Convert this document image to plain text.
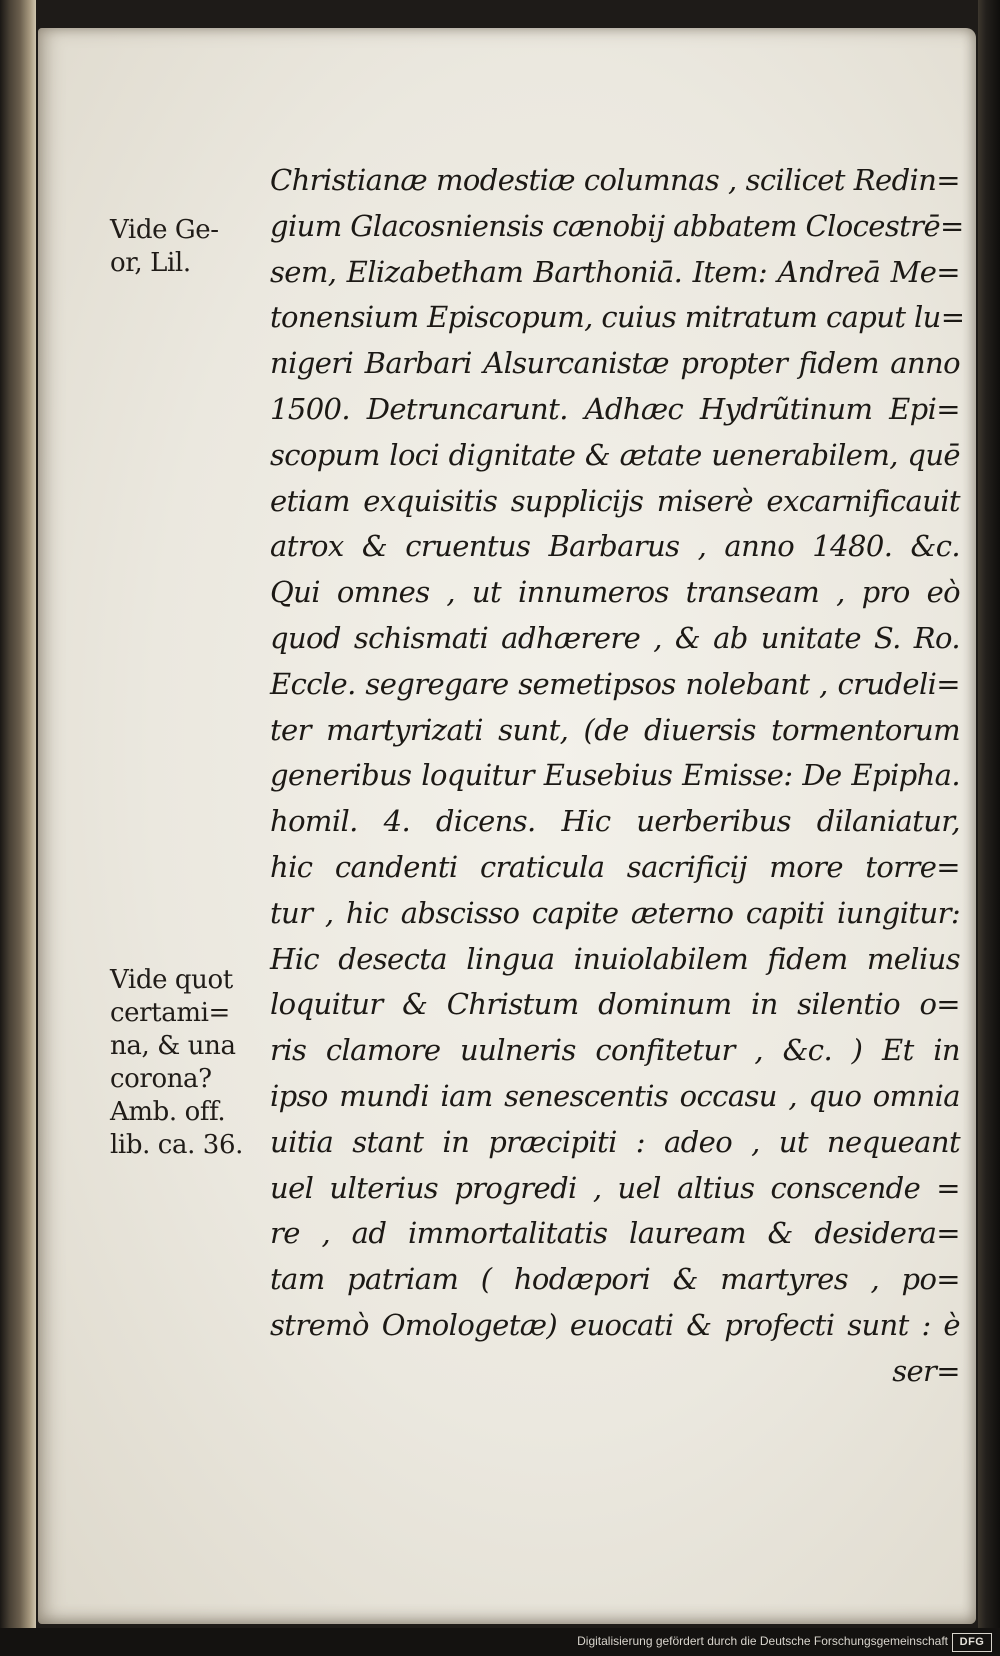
Christianæ modestiæ columnas , scilicet Redin=
gium Glacosniensis cænobij abbatem Clocestrē=
sem, Elizabetham Barthoniā. Item: Andreā Me=
tonensium Episcopum, cuius mitratum caput lu=
nigeri Barbari Alsurcanistæ propter fidem anno
1500. Detruncarunt. Adhæc Hydrũtinum Epi=
scopum loci dignitate & ætate uenerabilem, quē
etiam exquisitis supplicijs miserè excarnificauit
atrox & cruentus Barbarus , anno 1480. &c.
Qui omnes , ut innumeros transeam , pro eò
quod schismati adhærere , & ab unitate S. Ro.
Eccle. segregare semetipsos nolebant , crudeli=
ter martyrizati sunt, (de diuersis tormentorum
generibus loquitur Eusebius Emisse: De Epipha.
homil. 4. dicens. Hic uerberibus dilaniatur,
hic candenti craticula sacrificij more torre=
tur , hic abscisso capite æterno capiti iungitur:
Hic desecta lingua inuiolabilem fidem melius
loquitur & Christum dominum in silentio o=
ris clamore uulneris confitetur , &c. ) Et in
ipso mundi iam senescentis occasu , quo omnia
uitia stant in præcipiti : adeo , ut nequeant
uel ulterius progredi , uel altius conscende =
re , ad immortalitatis lauream & desidera=
tam patriam ( hodæpori & martyres , po=
stremò Omologetæ) euocati & profecti sunt : è
ser=
Vide Ge-
or, Lil.
Vide quot
certami=
na, & una
corona?
Amb. off.
lib. ca. 36.
Digitalisierung gefördert durch die Deutsche Forschungsgemeinschaft	DFG
